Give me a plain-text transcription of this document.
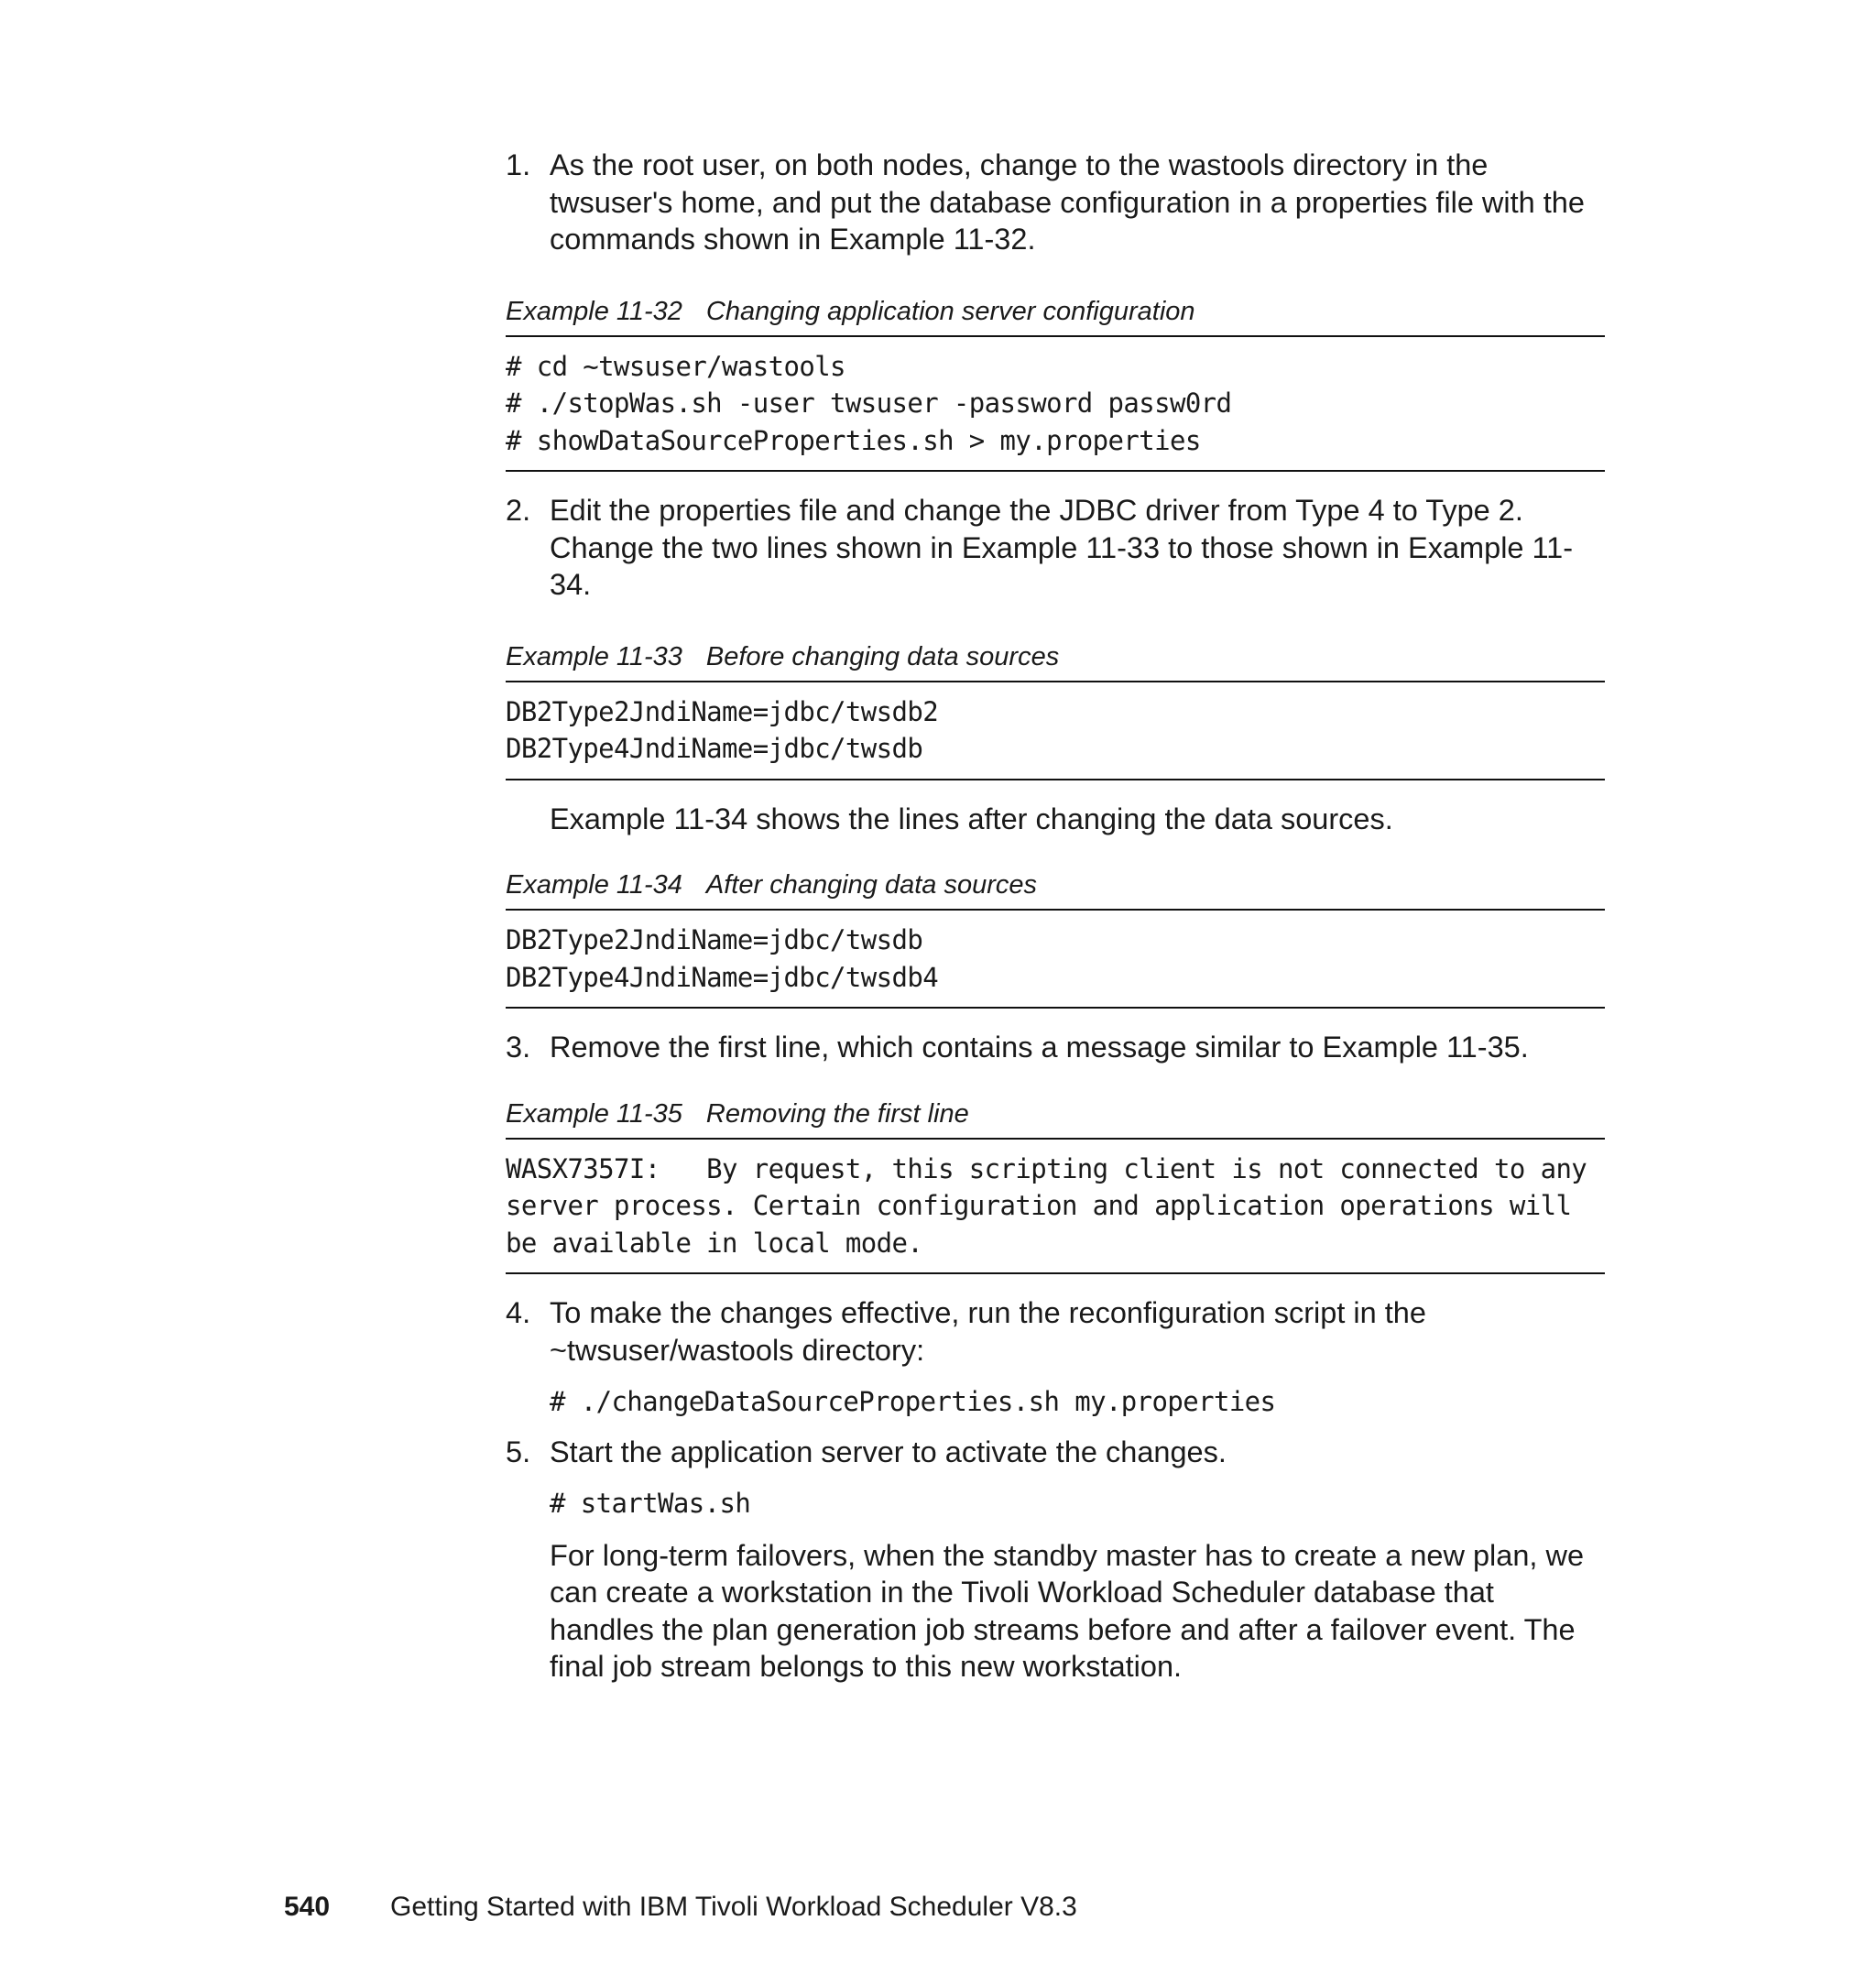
1. As the root user, on both nodes, change to the wastools directory in the twsuser's home, and put the database configuration in a properties file with the commands shown in Example 11-32.
Example 11-32 Changing application server configuration
# cd ~twsuser/wastools
# ./stopWas.sh -user twsuser -password passw0rd
# showDataSourceProperties.sh > my.properties
2. Edit the properties file and change the JDBC driver from Type 4 to Type 2. Change the two lines shown in Example 11-33 to those shown in Example 11-34.
Example 11-33 Before changing data sources
DB2Type2JndiName=jdbc/twsdb2
DB2Type4JndiName=jdbc/twsdb
Example 11-34 shows the lines after changing the data sources.
Example 11-34 After changing data sources
DB2Type2JndiName=jdbc/twsdb
DB2Type4JndiName=jdbc/twsdb4
3. Remove the first line, which contains a message similar to Example 11-35.
Example 11-35 Removing the first line
WASX7357I:   By request, this scripting client is not connected to any
server process. Certain configuration and application operations will
be available in local mode.
4. To make the changes effective, run the reconfiguration script in the ~twsuser/wastools directory:
# ./changeDataSourceProperties.sh my.properties
5. Start the application server to activate the changes.
# startWas.sh
For long-term failovers, when the standby master has to create a new plan, we can create a workstation in the Tivoli Workload Scheduler database that handles the plan generation job streams before and after a failover event. The final job stream belongs to this new workstation.
540 Getting Started with IBM Tivoli Workload Scheduler V8.3
